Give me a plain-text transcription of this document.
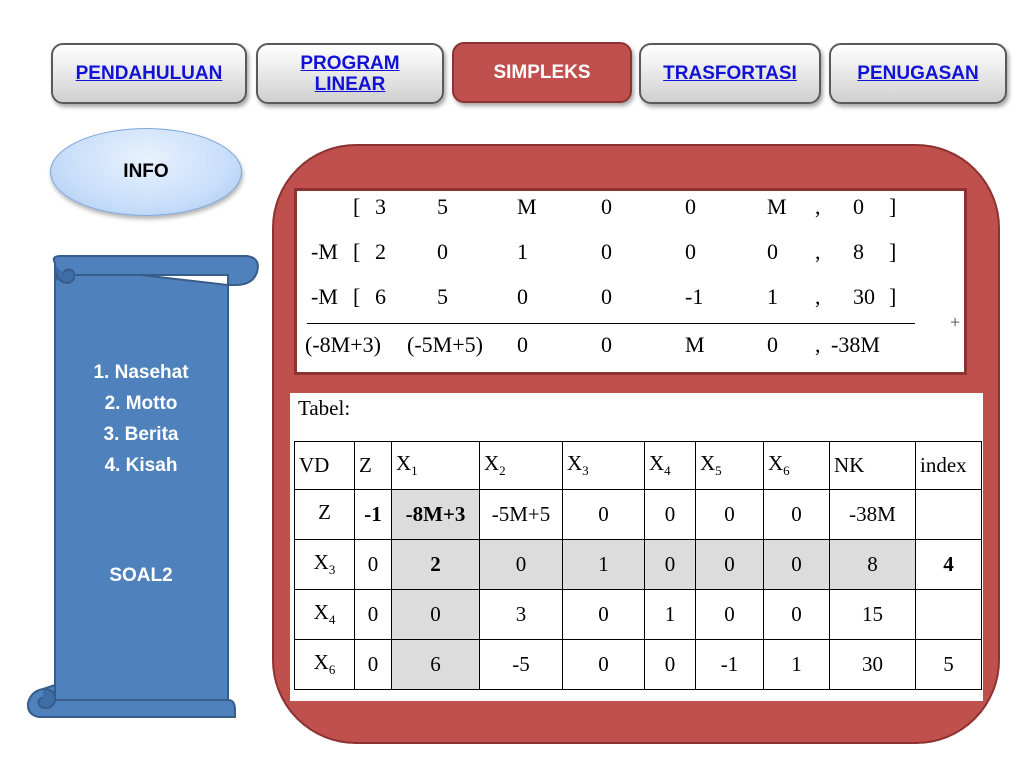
PENDAHULUAN	PROGRAM LINEAR
SIMPLEKS	TRASFORTASI	PENUGASAN
INFO
1. Nasehat
2. Motto
3. Berita
4. Kisah
SOAL2
[ 3 5	M	0	0	M , 0 ]
-M [ 2 0	1	0	0	0 , 8 ]
-M [ 6 5	0	0	-1	1 , 30 ]
(-8M+3) (-5M+5) 0	0	M	0 , -38M
+
Tabel:
VD	Z	$X_1$	$X_2$	$X_3$	$X_4$	$X_5$	$X_6$	NK	index
Z	-1	-8M+3	-5M+5	0	0	0	0	-38M	
$X_3$	0	2	0	1	0	0	0	8	4
$X_4$	0	0	3	0	1	0	0	15	
$X_6$	0	6	-5	0	0	-1	1	30	5
